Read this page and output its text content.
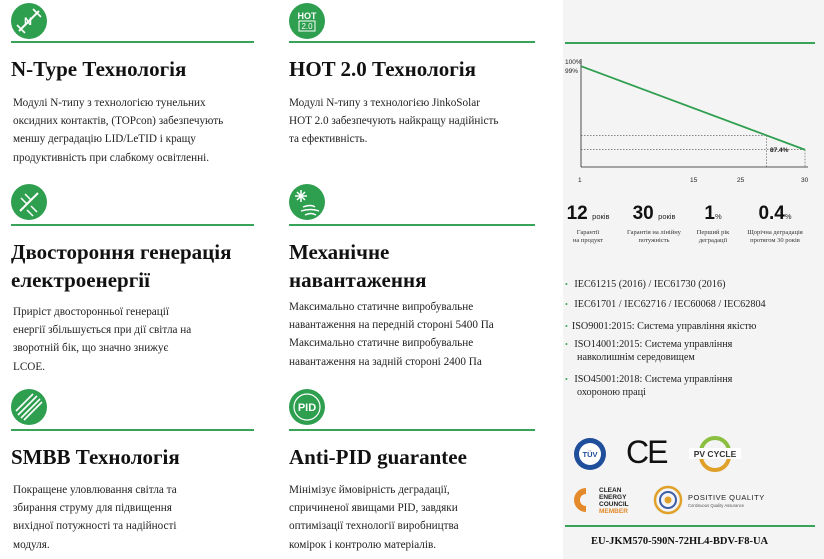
N
N-Type Технологія
Модулі N-типу з технологією тунельних
оксидних контактів, (TOPcon) забезпечують
меншу деградацію LID/LeTID і кращу
продуктивність при слабкому освітленні.
Двостороння генерація
електроенергії
Приріст двосторонньої генерації
енергії збільшується при дії світла на
зворотній бік, що значно знижує
LCOE.
SMBB Технологія
Покращене уловлювання світла та
збирання струму для підвищення
вихідної потужності та надійності
модуля.
HOT
2.0
HOT 2.0 Технологія
Модулі N-типу з технологією JinkoSolar
HOT 2.0 забезпечують найкращу надійність
та ефективність.
Механічне
навантаження
Максимально статичне випробувальне
навантаження на передній стороні 5400 Па
Максимально статичне випробувальне
навантаження на задній стороні 2400 Па
PID
Anti-PID guarantee
Мінімізує ймовірність деградації,
спричиненої явищами PID, завдяки
оптимізації технології виробництва
комірок і контролю матеріалів.
100%
99%
87.4%
1	15	25	30
12 років
Гарантії
на продукт
30 років
Гарантія на лінійну
потужність
1%
Перший рік
деградації
0.4%
Щорічна деградація
протягом 30 років
• IEC61215 (2016) / IEC61730 (2016)
• IEC61701 / IEC62716 / IEC60068 / IEC62804
• ISO9001:2015: Система управління якістю
• ISO14001:2015: Система управління
навколишнім середовищем
• ISO45001:2018: Система управління
охороною праці
TÜV CE	PV CYCLE
CLEAN
ENERGY
COUNCIL
MEMBER
POSITIVE QUALITY
Continuous Quality Assurance
EU-JKM570-590N-72HL4-BDV-F8-UA
